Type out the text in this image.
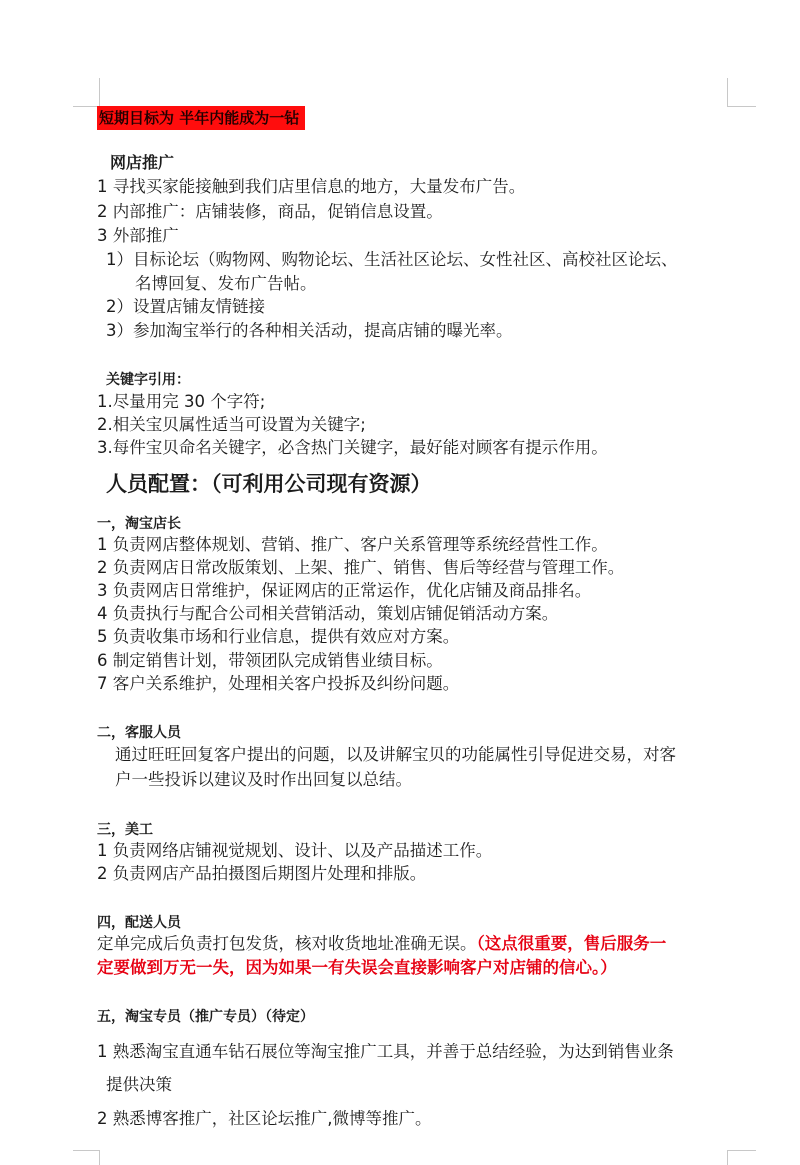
短期目标为 半年内能成为一钻
网店推广
1 寻找买家能接触到我们店里信息的地方，大量发布广告。
2 内部推广：店铺装修，商品，促销信息设置。
3 外部推广
1）目标论坛（购物网、购物论坛、生活社区论坛、女性社区、高校社区论坛、
名博回复、发布广告帖。
2）设置店铺友情链接
3）参加淘宝举行的各种相关活动，提高店铺的曝光率。
关键字引用：
1.尽量用完 30 个字符;
2.相关宝贝属性适当可设置为关键字;
3.每件宝贝命名关键字，必含热门关键字，最好能对顾客有提示作用。
人员配置：（可利用公司现有资源）
一，淘宝店长
1 负责网店整体规划、营销、推广、客户关系管理等系统经营性工作。
2 负责网店日常改版策划、上架、推广、销售、售后等经营与管理工作。
3 负责网店日常维护，保证网店的正常运作，优化店铺及商品排名。
4 负责执行与配合公司相关营销活动，策划店铺促销活动方案。
5 负责收集市场和行业信息，提供有效应对方案。
6 制定销售计划，带领团队完成销售业绩目标。
7 客户关系维护，处理相关客户投拆及纠纷问题。
二，客服人员
通过旺旺回复客户提出的问题，以及讲解宝贝的功能属性引导促进交易，对客
户一些投诉以建议及时作出回复以总结。
三，美工
1 负责网络店铺视觉规划、设计、以及产品描述工作。
2 负责网店产品拍摄图后期图片处理和排版。
四，配送人员
定单完成后负责打包发货，核对收货地址准确无误。（这点很重要，售后服务一
定要做到万无一失，因为如果一有失误会直接影响客户对店铺的信心。）
五，淘宝专员（推广专员）（待定）
1 熟悉淘宝直通车钻石展位等淘宝推广工具，并善于总结经验，为达到销售业条
提供决策
2 熟悉博客推广，社区论坛推广,微博等推广。
